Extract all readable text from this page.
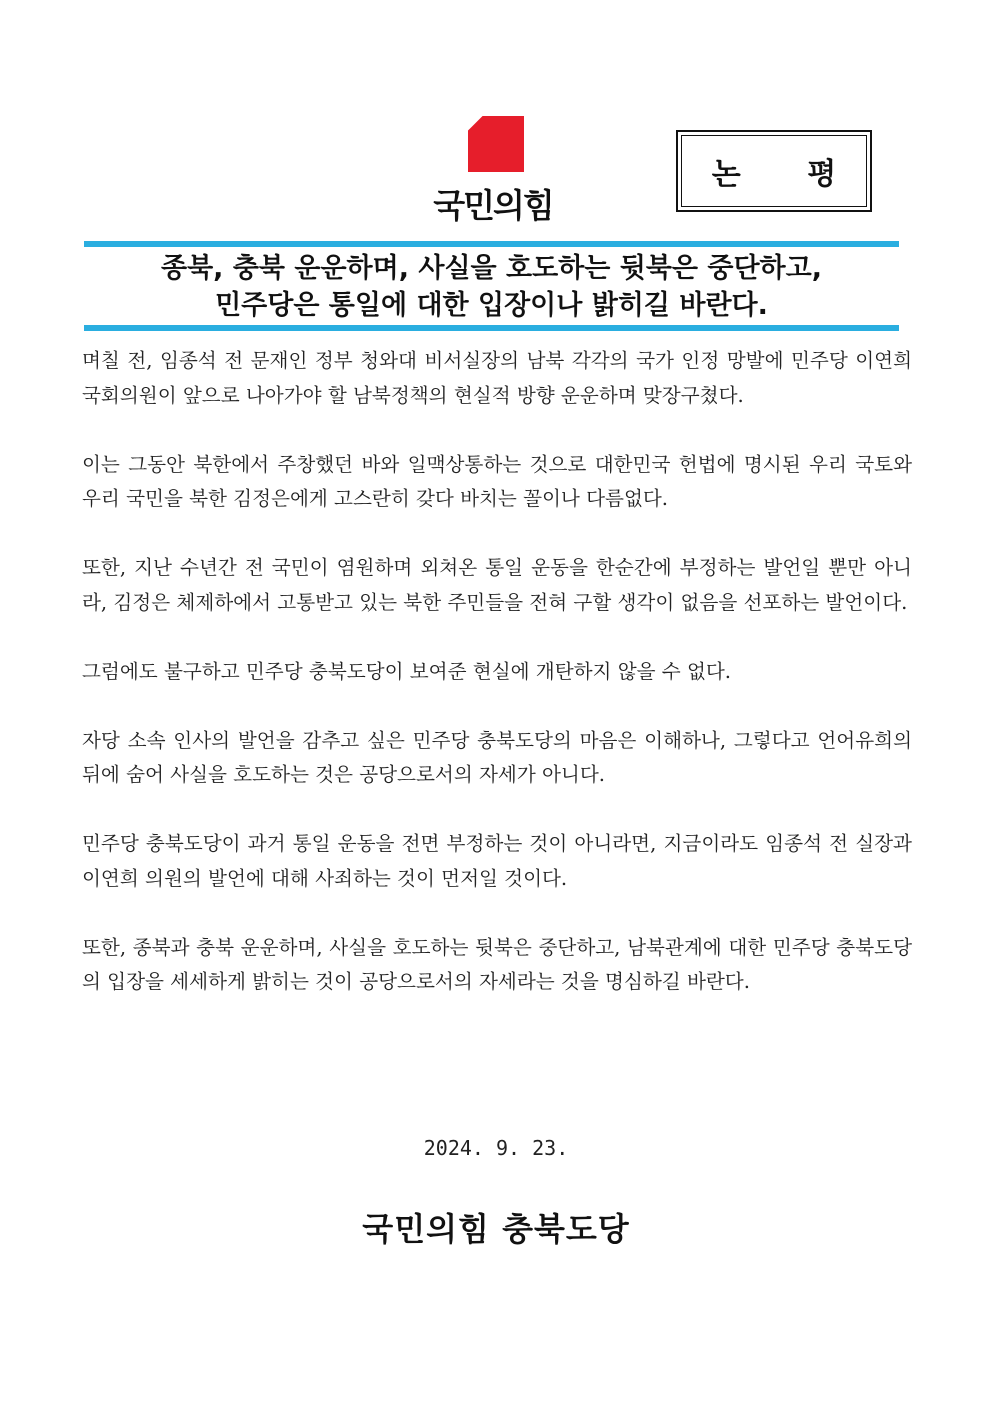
국민의힘
논 평
종북, 충북 운운하며, 사실을 호도하는 뒷북은 중단하고,
민주당은 통일에 대한 입장이나 밝히길 바란다.

며칠 전, 임종석 전 문재인 정부 청와대 비서실장의 남북 각각의 국가 인정 망발에 민주당 이연희 국회의원이 앞으로 나아가야 할 남북정책의 현실적 방향 운운하며 맞장구쳤다.

이는 그동안 북한에서 주창했던 바와 일맥상통하는 것으로 대한민국 헌법에 명시된 우리 국토와 우리 국민을 북한 김정은에게 고스란히 갖다 바치는 꼴이나 다름없다.

또한, 지난 수년간 전 국민이 염원하며 외쳐온 통일 운동을 한순간에 부정하는 발언일 뿐만 아니라, 김정은 체제하에서 고통받고 있는 북한 주민들을 전혀 구할 생각이 없음을 선포하는 발언이다.

그럼에도 불구하고 민주당 충북도당이 보여준 현실에 개탄하지 않을 수 없다.

자당 소속 인사의 발언을 감추고 싶은 민주당 충북도당의 마음은 이해하나, 그렇다고 언어유희의 뒤에 숨어 사실을 호도하는 것은 공당으로서의 자세가 아니다.

민주당 충북도당이 과거 통일 운동을 전면 부정하는 것이 아니라면, 지금이라도 임종석 전 실장과 이연희 의원의 발언에 대해 사죄하는 것이 먼저일 것이다.

또한, 종북과 충북 운운하며, 사실을 호도하는 뒷북은 중단하고, 남북관계에 대한 민주당 충북도당의 입장을 세세하게 밝히는 것이 공당으로서의 자세라는 것을 명심하길 바란다.

2024. 9. 23.
국민의힘 충북도당
